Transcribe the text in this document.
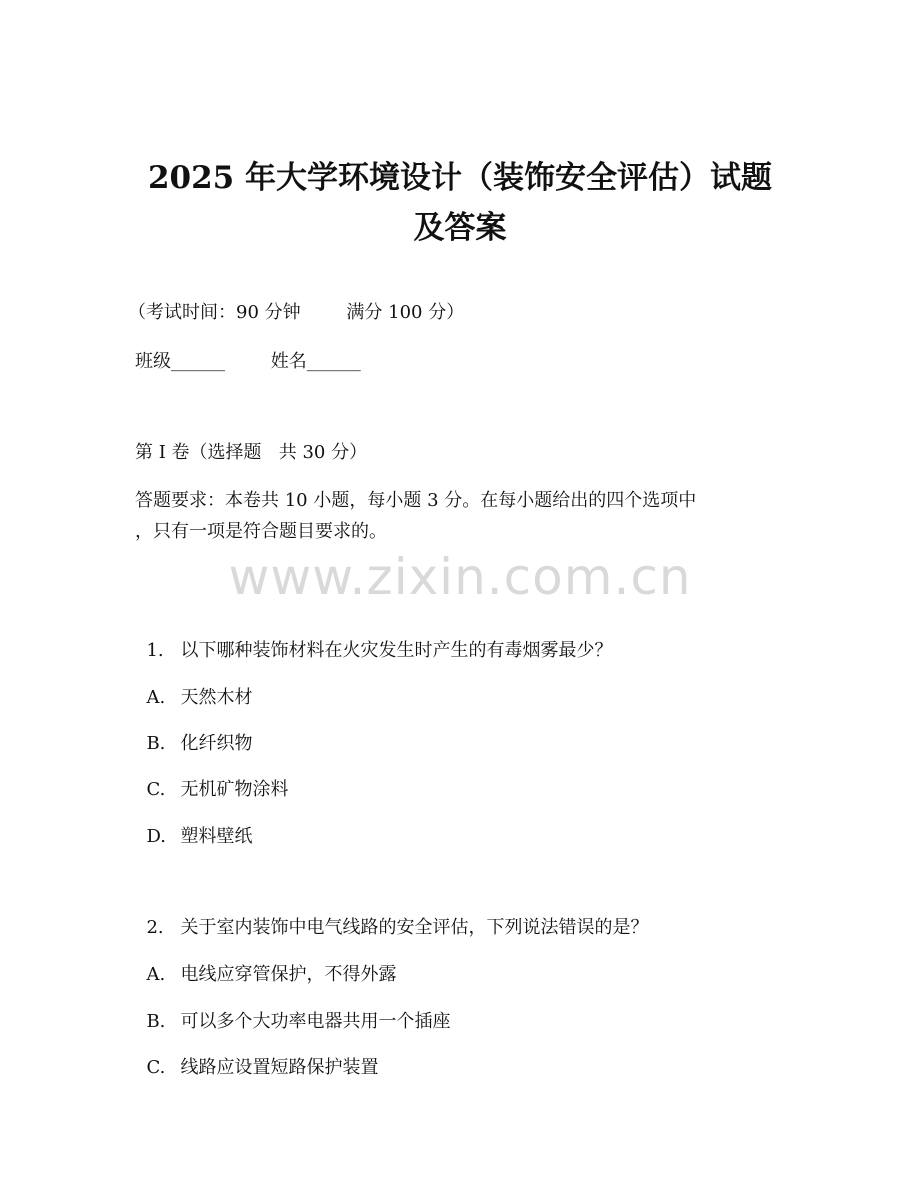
2025 年大学环境设计（装饰安全评估）试题
及答案
（考试时间：90 分钟        满分 100 分）
班级______        姓名______
第 I 卷（选择题   共 30 分）
答题要求：本卷共 10 小题，每小题 3 分。在每小题给出的四个选项中
，只有一项是符合题目要求的。
www.zixin.com.cn

1. 以下哪种装饰材料在火灾发生时产生的有毒烟雾最少？

A. 天然木材

B. 化纤织物

C. 无机矿物涂料

D. 塑料壁纸

2. 关于室内装饰中电气线路的安全评估，下列说法错误的是？

A. 电线应穿管保护，不得外露

B. 可以多个大功率电器共用一个插座

C. 线路应设置短路保护装置
